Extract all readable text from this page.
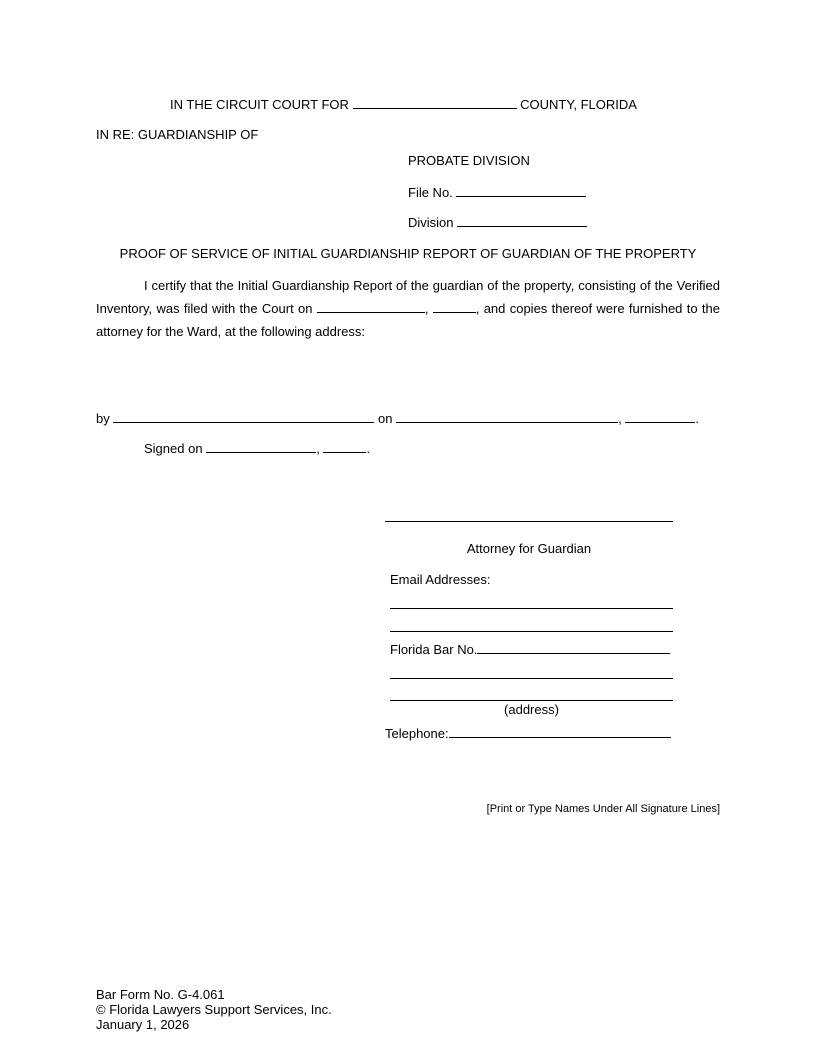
IN THE CIRCUIT COURT FOR	COUNTY, FLORIDA
IN RE: GUARDIANSHIP OF
PROBATE DIVISION
File No.
Division
PROOF OF SERVICE OF INITIAL GUARDIANSHIP REPORT OF GUARDIAN OF THE PROPERTY
I certify that the Initial Guardianship Report of the guardian of the property, consisting of the Verified Inventory, was filed with the Court on	,	, and copies thereof were furnished to the attorney for the Ward, at the following address:
by	on	,	.
Signed on	,	.
Attorney for Guardian
Email Addresses:
Florida Bar No.
(address)
Telephone:
[Print or Type Names Under All Signature Lines]
Bar Form No. G-4.061
© Florida Lawyers Support Services, Inc.
January 1, 2026
